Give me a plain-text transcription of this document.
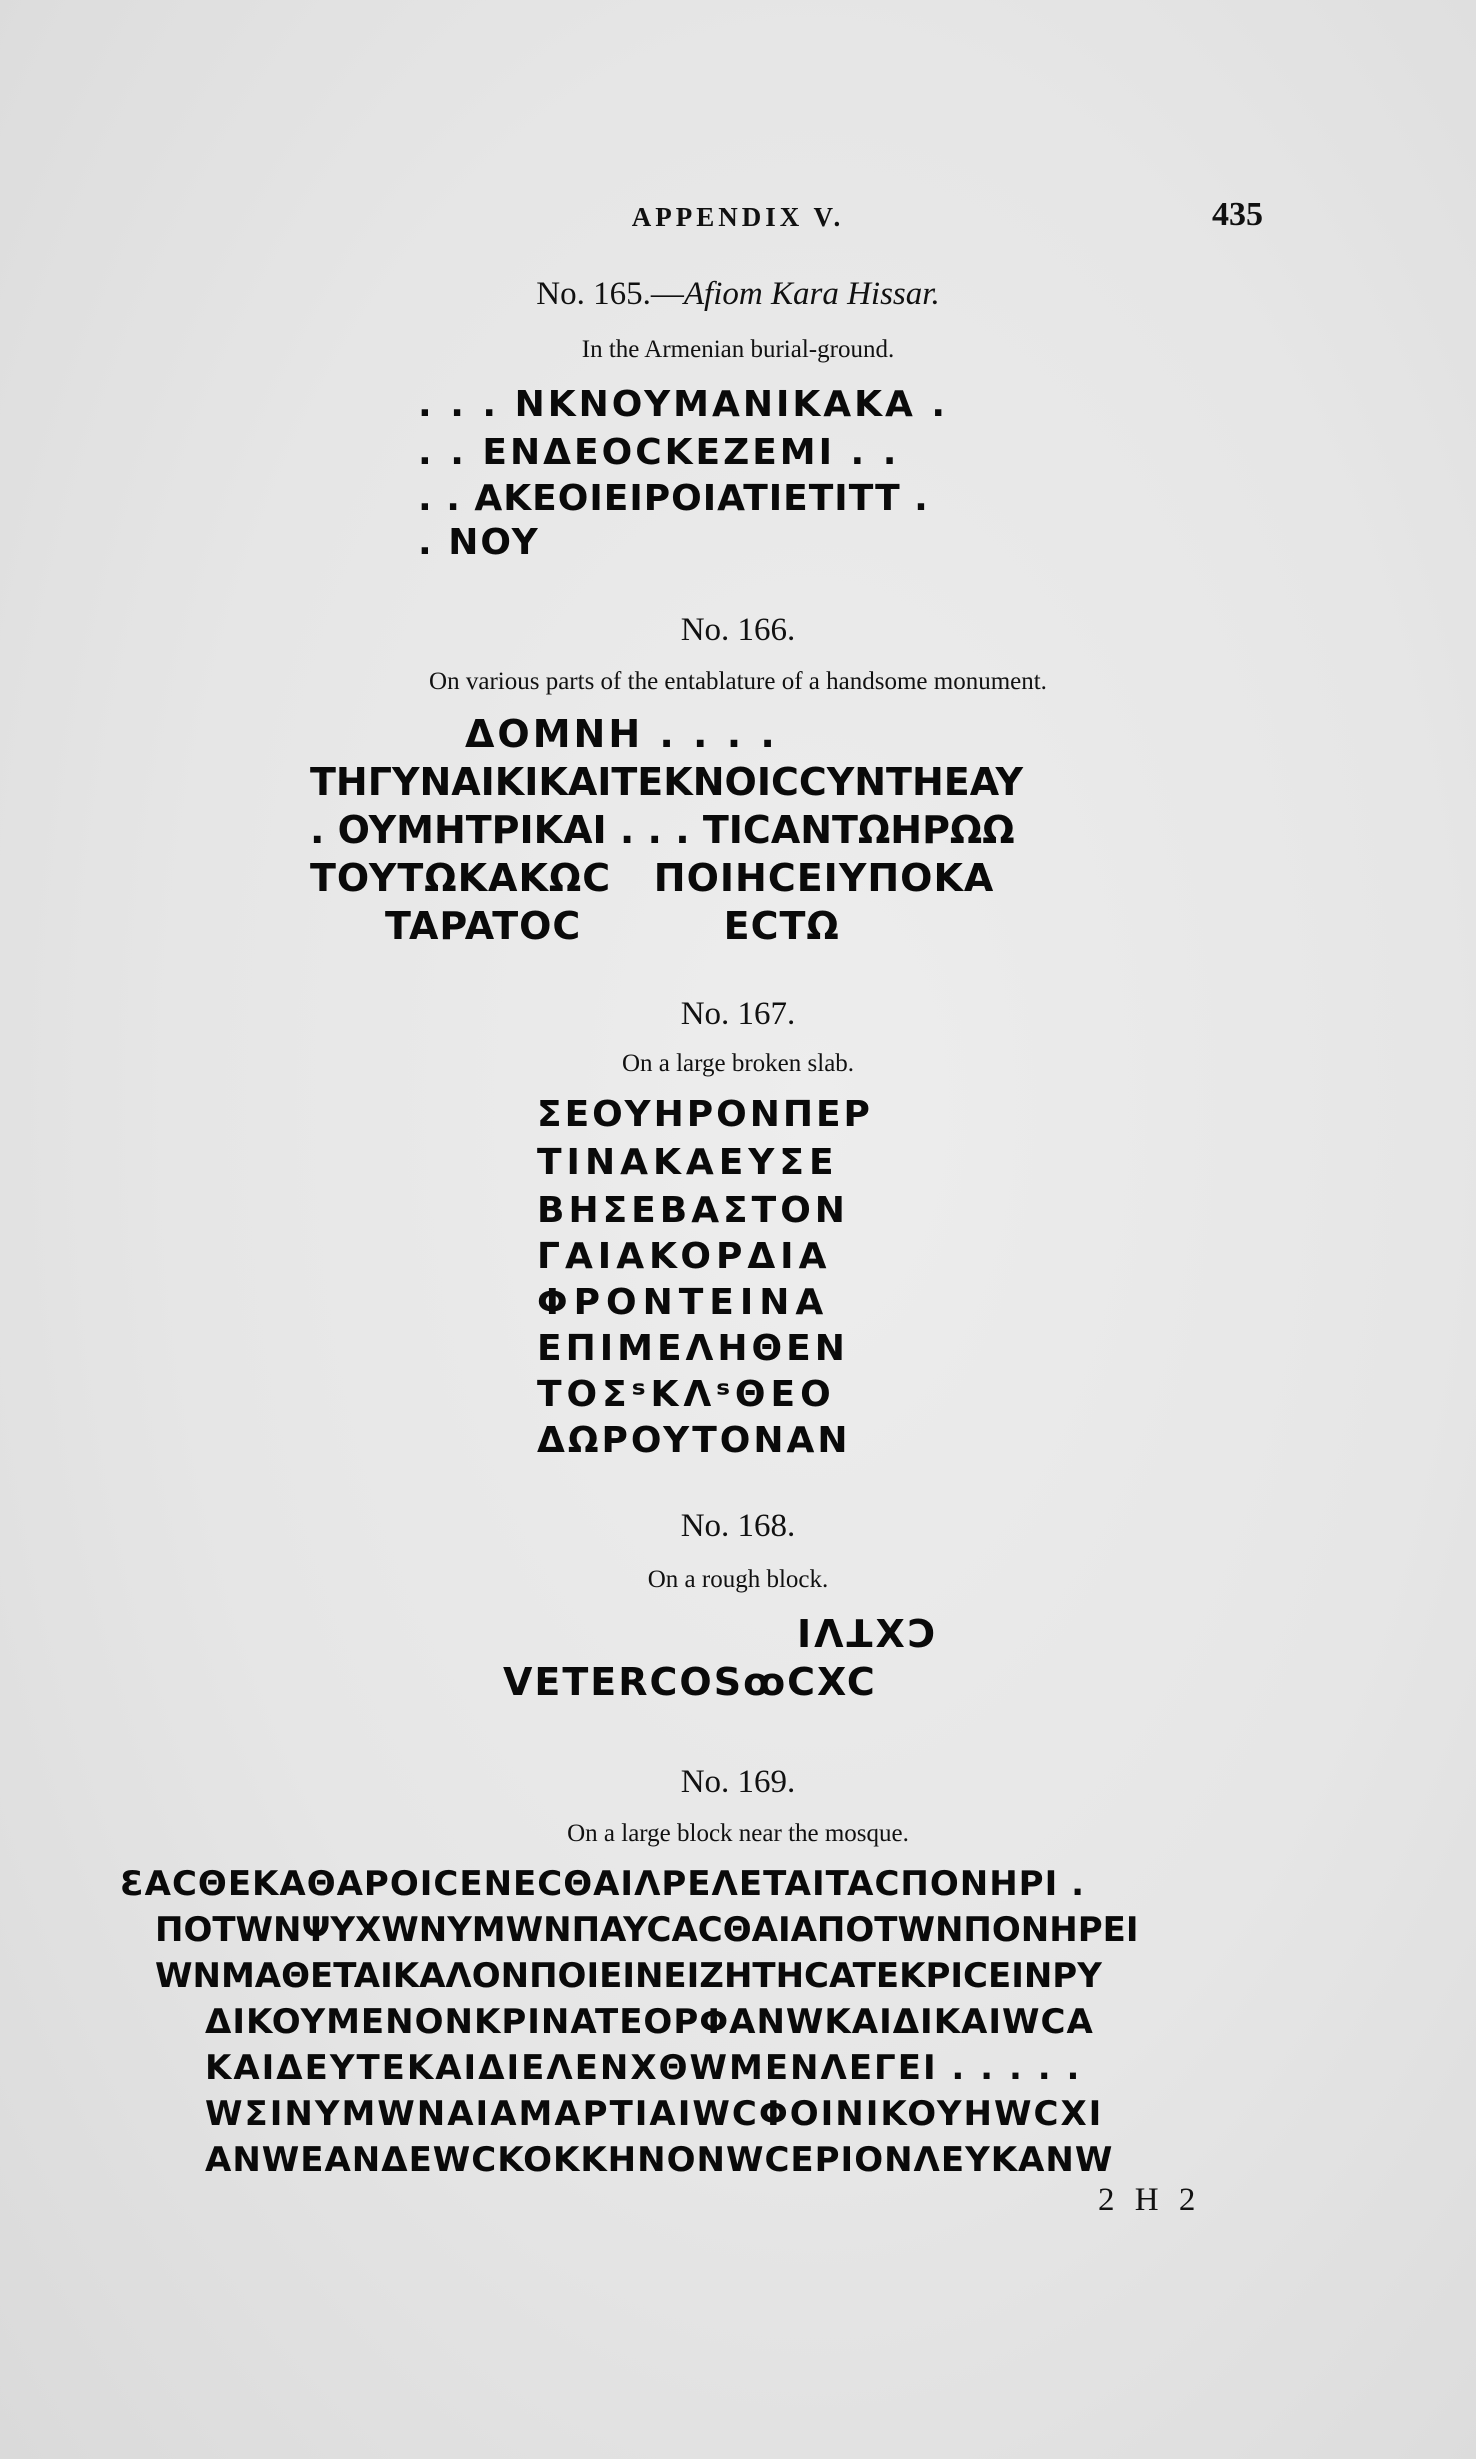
APPENDIX V.	435
No. 165.—Afiom Kara Hissar.
In the Armenian burial-ground.
. . . NKNOYMANIKAKA .
. . ENΔEOCKEZEMI . .
. . AKEOIEIPOIATIETITT .
. NOY
No. 166.
On various parts of the entablature of a handsome monument.
ΔOMNH . . . .
THΓYNAIKIKAITEKNOICCYNTHEAY
. OYMHTPIKAI . . . TICANTΩHPΩΩ
TOYTΩKAKΩC   ΠOIHCEIYΠOKA
TAPATOC          ECTΩ
No. 167.
On a large broken slab.
ΣEOYHPONΠEP
TINAKAEYΣE
BHΣEBAΣTON
ΓAIAKOPΔIA
ΦPONTEINA
EΠIMEΛHΘEN
TOΣˢKΛˢΘEO
ΔΩPOYTONAN
No. 168.
On a rough block.
IΛꓕXƆ
VETERCOSꝏCXC
No. 169.
On a large block near the mosque.
ƐACΘEKAΘAPOICENECΘAIΛPEΛETAITACΠONHPI .
ΠOTWNΨYXWNYMWNΠAYCACΘAIAΠOTWNΠONHPEI
WNMAΘETAIKAΛONΠOIEINEIZHTHCATEKPICEINPY
ΔIKOYMENONKPINATEOPΦANWKAIΔIKAIWCA
KAIΔEYTEKAIΔIEΛENXΘWMENΛEΓEI . . . . .
WΣINYMWNAIAMAPTIAIWCΦOINIKOYHWCXI
ANWEANΔEWCKOKKHNONWCEPIONΛEYKANW
2 H 2
